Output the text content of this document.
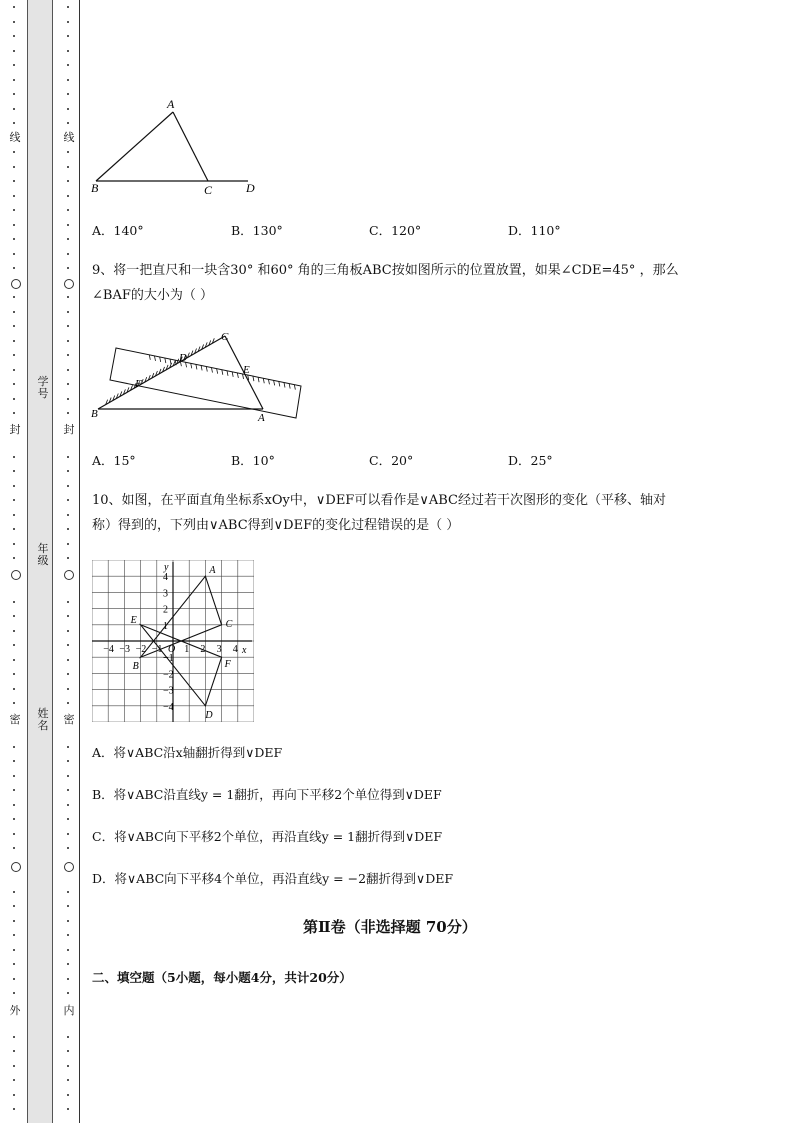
线
封
密
外
线
封
密
内
学号
年级
姓名
A
B	C	D
A．140°	B．130°	C．120°	D．110°
9、将一把直尺和一块含30° 和60° 角的三角板ABC按如图所示的位置放置，如果∠CDE=45° ，那么
∠BAF的大小为（ ）
C
D
E
F
B	A
A．15°	B．10°	C．20°	D．25°
10、如图，在平面直角坐标系xOy中，∨DEF可以看作是∨ABC经过若干次图形的变化（平移、轴对
称）得到的，下列由∨ABC得到∨DEF的变化过程错误的是（ ）
−4 −3 −2 −1 O 1 2 3 4 x
y
4
3
2
1
−1
−2
−3
−4
A
B
C
D
E
F
A．将∨ABC沿x轴翻折得到∨DEF
B．将∨ABC沿直线y = 1翻折，再向下平移2个单位得到∨DEF
C．将∨ABC向下平移2个单位，再沿直线y = 1翻折得到∨DEF
D．将∨ABC向下平移4个单位，再沿直线y = −2翻折得到∨DEF
第Ⅱ卷（非选择题 70分）
二、填空题（5小题，每小题4分，共计20分）
